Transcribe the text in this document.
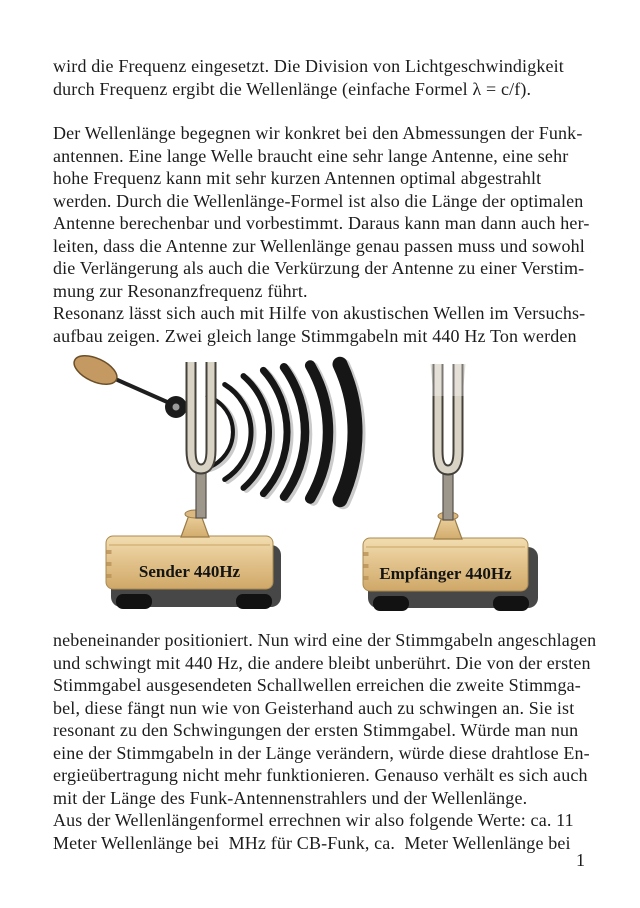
wird die Frequenz eingesetzt. Die Division von Lichtgeschwindigkeit
durch Frequenz ergibt die Wellenlänge (einfache Formel λ = c/f).
Der Wellenlänge begegnen wir konkret bei den Abmessungen der Funk-
antennen. Eine lange Welle braucht eine sehr lange Antenne, eine sehr
hohe Frequenz kann mit sehr kurzen Antennen optimal abgestrahlt
werden. Durch die Wellenlänge-Formel ist also die Länge der optimalen
Antenne berechenbar und vorbestimmt. Daraus kann man dann auch her-
leiten, dass die Antenne zur Wellenlänge genau passen muss und sowohl
die Verlängerung als auch die Verkürzung der Antenne zu einer Verstim-
mung zur Resonanzfrequenz führt.
Resonanz lässt sich auch mit Hilfe von akustischen Wellen im Versuchs-
aufbau zeigen. Zwei gleich lange Stimmgabeln mit 440 Hz Ton werden
Sender 440Hz	Empfänger 440Hz
nebeneinander positioniert. Nun wird eine der Stimmgabeln angeschlagen
und schwingt mit 440 Hz, die andere bleibt unberührt. Die von der ersten
Stimmgabel ausgesendeten Schallwellen erreichen die zweite Stimmga-
bel, diese fängt nun wie von Geisterhand auch zu schwingen an. Sie ist
resonant zu den Schwingungen der ersten Stimmgabel. Würde man nun
eine der Stimmgabeln in der Länge verändern, würde diese drahtlose En-
ergieübertragung nicht mehr funktionieren. Genauso verhält es sich auch
mit der Länge des Funk-Antennenstrahlers und der Wellenlänge.
Aus der Wellenlängenformel errechnen wir also folgende Werte: ca. 11
Meter Wellenlänge bei  MHz für CB-Funk, ca.  Meter Wellenlänge bei
1
